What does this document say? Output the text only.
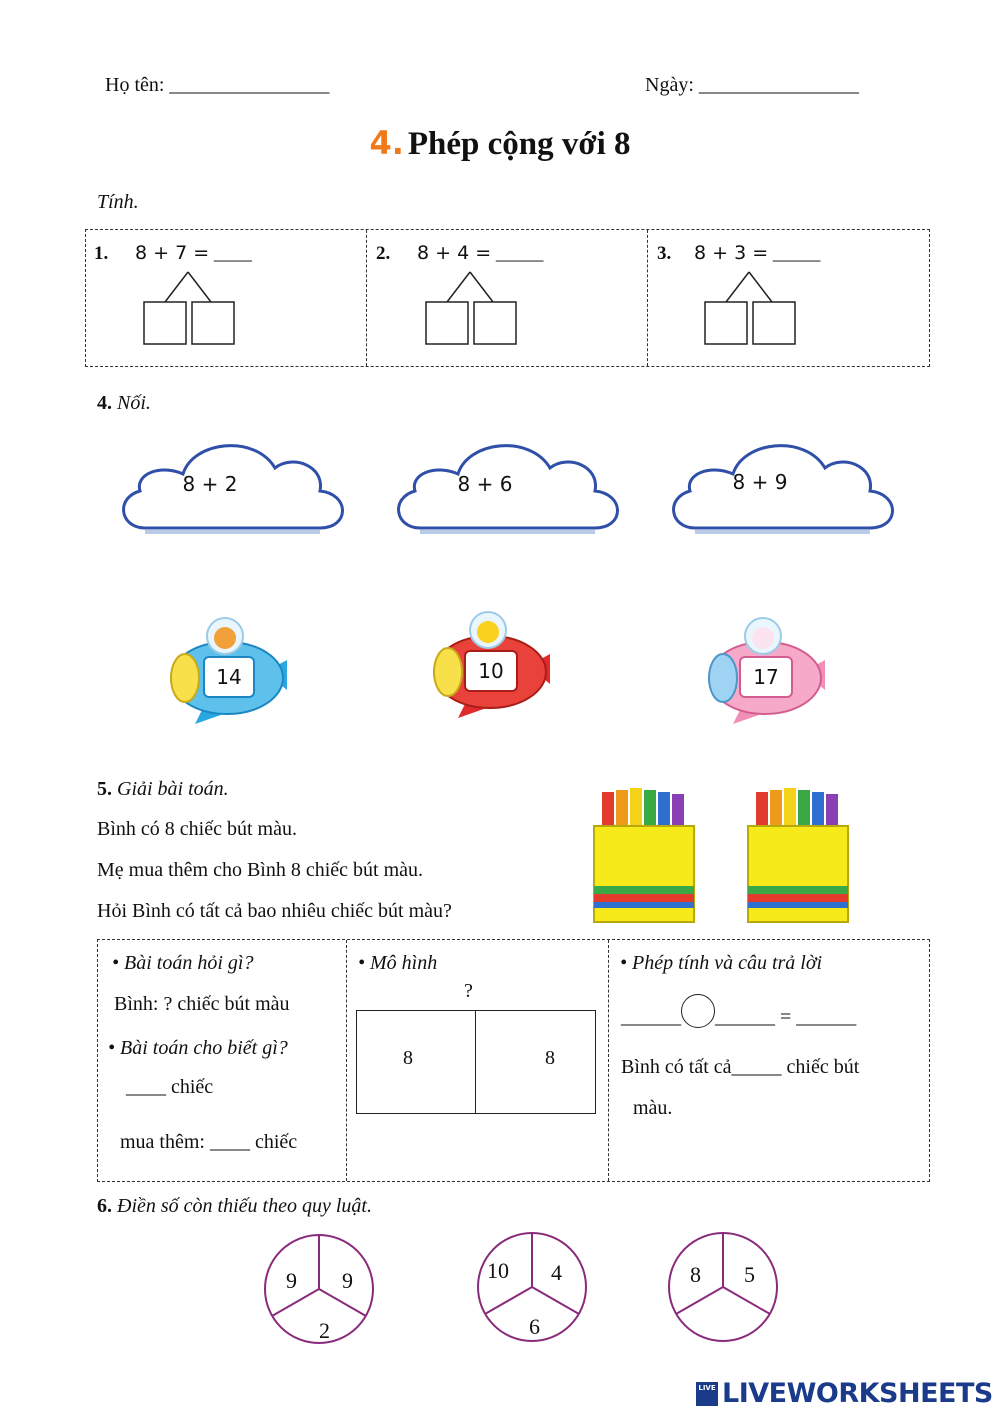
Họ tên: ________________	Ngày: ________________
4. Phép cộng với 8
Tính.
1. 8 + 7 = ____	2. 8 + 4 = _____	3. 8 + 3 = _____
4. Nối.
8 + 2	8 + 6	8 + 9
14	10	17
5. Giải bài toán.
Bình có 8 chiếc bút màu.
Mẹ mua thêm cho Bình 8 chiếc bút màu.
Hỏi Bình có tất cả bao nhiêu chiếc bút màu?
• Bài toán hỏi gì?
Bình: ? chiếc bút màu
• Bài toán cho biết gì?
____ chiếc
mua thêm: ____ chiếc
• Mô hình
?
8	8
• Phép tính và câu trả lời
______ ______ = ______
Bình có tất cả_____ chiếc bút
màu.
6. Điền số còn thiếu theo quy luật.
9 9
2
10 4
6
8 5
LIVE LIVEWORKSHEETS
